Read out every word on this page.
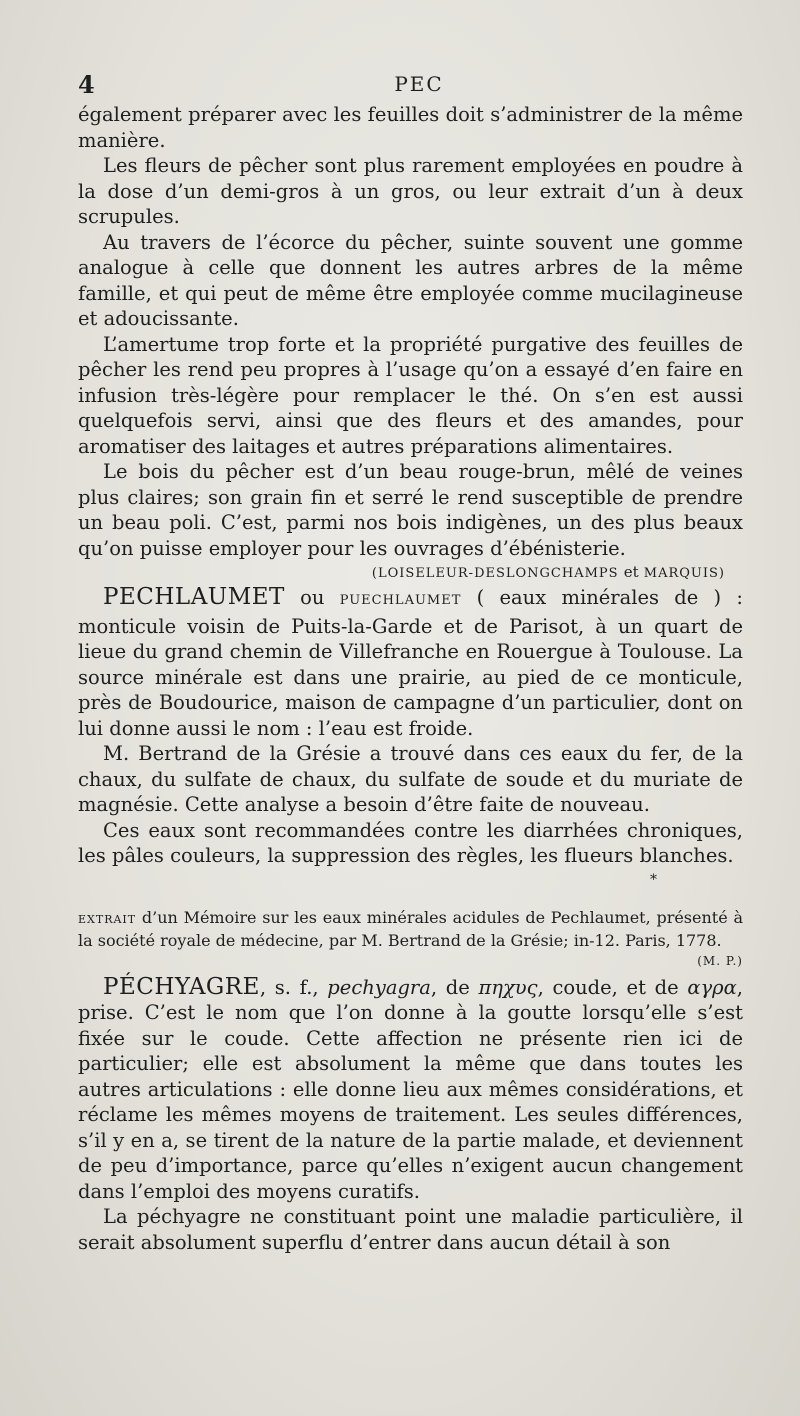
4	PEC

également préparer avec les feuilles doit s’administrer de la même manière.

Les fleurs de pêcher sont plus rarement employées en poudre à la dose d’un demi-gros à un gros, ou leur extrait d’un à deux scrupules.

Au travers de l’écorce du pêcher, suinte souvent une gomme analogue à celle que donnent les autres arbres de la même famille, et qui peut de même être employée comme mucilagineuse et adoucissante.

L’amertume trop forte et la propriété purgative des feuilles de pêcher les rend peu propres à l’usage qu’on a essayé d’en faire en infusion très-légère pour remplacer le thé. On s’en est aussi quelquefois servi, ainsi que des fleurs et des amandes, pour aromatiser des laitages et autres préparations alimentaires.

Le bois du pêcher est d’un beau rouge-brun, mêlé de veines plus claires; son grain fin et serré le rend susceptible de prendre un beau poli. C’est, parmi nos bois indigènes, un des plus beaux qu’on puisse employer pour les ouvrages d’ébénisterie.

(LOISELEUR-DESLONGCHAMPS et MARQUIS)

PECHLAUMET ou PUECHLAUMET ( eaux minérales de ) : monticule voisin de Puits-la-Garde et de Parisot, à un quart de lieue du grand chemin de Villefranche en Rouergue à Toulouse. La source minérale est dans une prairie, au pied de ce monticule, près de Boudourice, maison de campagne d’un particulier, dont on lui donne aussi le nom : l’eau est froide.

M. Bertrand de la Grésie a trouvé dans ces eaux du fer, de la chaux, du sulfate de chaux, du sulfate de soude et du muriate de magnésie. Cette analyse a besoin d’être faite de nouveau.

Ces eaux sont recommandées contre les diarrhées chroniques, les pâles couleurs, la suppression des règles, les flueurs blanches.

*

EXTRAIT d’un Mémoire sur les eaux minérales acidules de Pechlaumet, présenté à la société royale de médecine, par M. Bertrand de la Grésie; in-12. Paris, 1778.
(M. P.)

PÉCHYAGRE, s. f., pechyagra, de πηχυς, coude, et de αγρα, prise. C’est le nom que l’on donne à la goutte lorsqu’elle s’est fixée sur le coude. Cette affection ne présente rien ici de particulier; elle est absolument la même que dans toutes les autres articulations : elle donne lieu aux mêmes considérations, et réclame les mêmes moyens de traitement. Les seules différences, s’il y en a, se tirent de la nature de la partie malade, et deviennent de peu d’importance, parce qu’elles n’exigent aucun changement dans l’emploi des moyens curatifs.

La péchyagre ne constituant point une maladie particulière, il serait absolument superflu d’entrer dans aucun détail à son
